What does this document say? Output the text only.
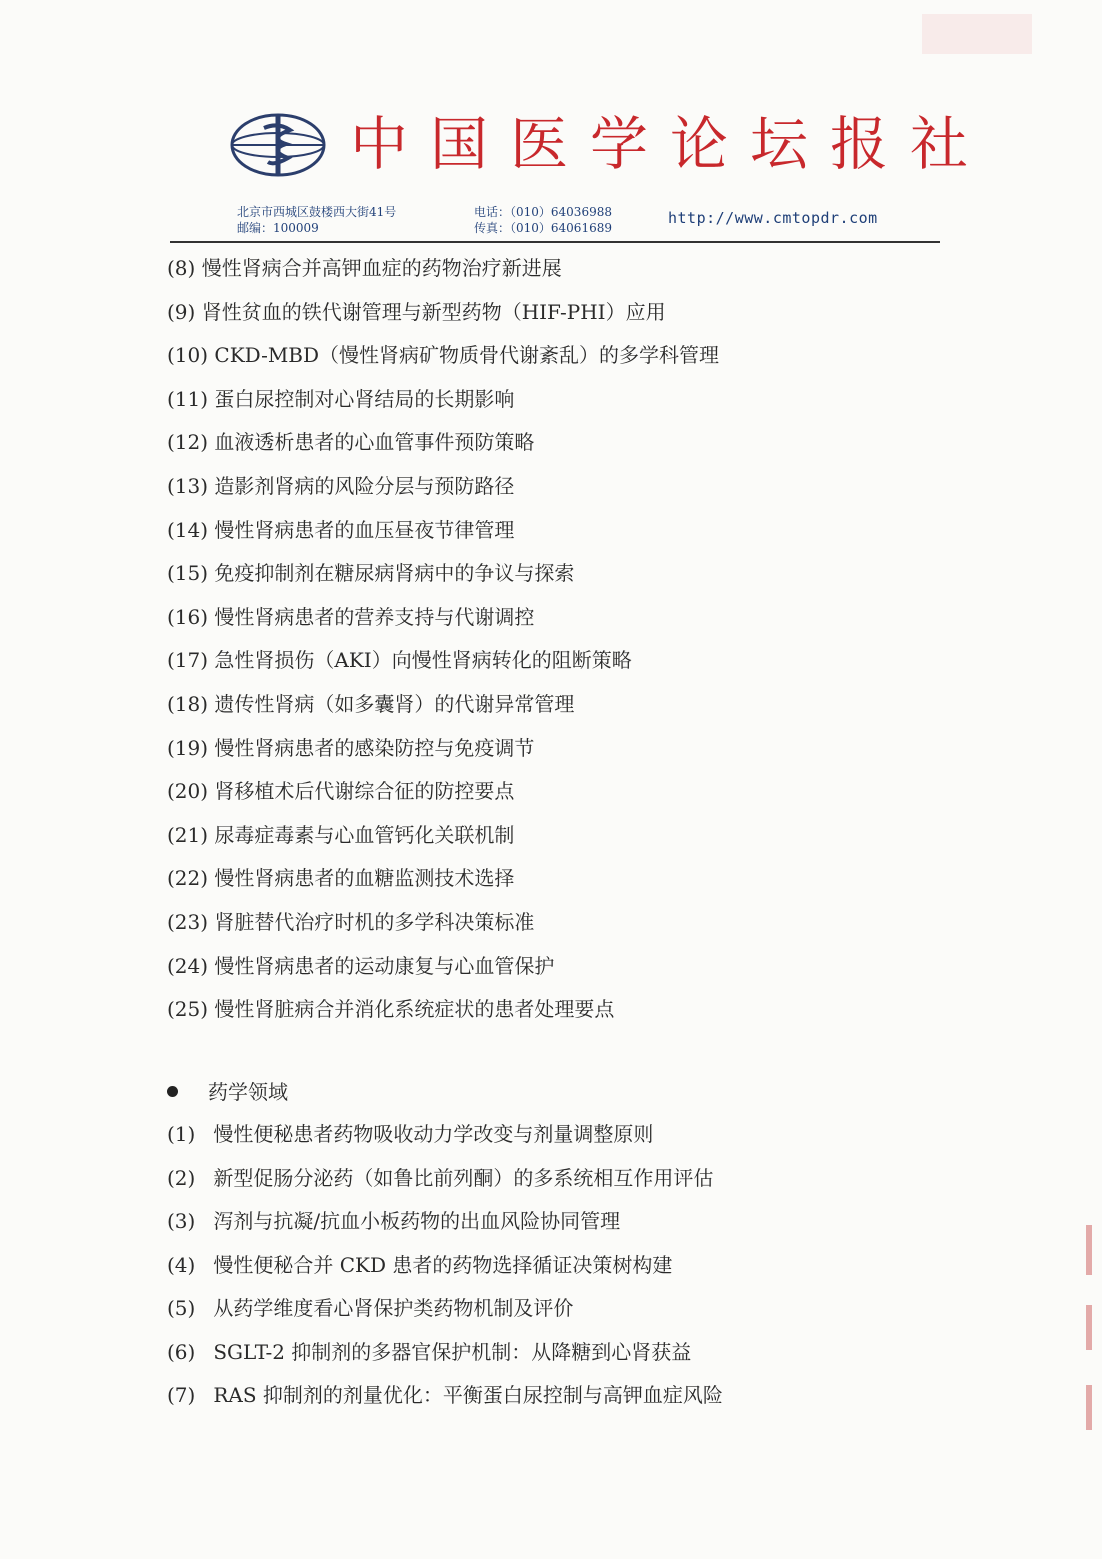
中国医学论坛报社
北京市西城区鼓楼西大街41号
邮编：100009
电话：（010）64036988
传真：（010）64061689
http://www.cmtopdr.com
(8) 慢性肾病合并高钾血症的药物治疗新进展
(9) 肾性贫血的铁代谢管理与新型药物（HIF-PHI）应用
(10) CKD-MBD（慢性肾病矿物质骨代谢紊乱）的多学科管理
(11) 蛋白尿控制对心肾结局的长期影响
(12) 血液透析患者的心血管事件预防策略
(13) 造影剂肾病的风险分层与预防路径
(14) 慢性肾病患者的血压昼夜节律管理
(15) 免疫抑制剂在糖尿病肾病中的争议与探索
(16) 慢性肾病患者的营养支持与代谢调控
(17) 急性肾损伤（AKI）向慢性肾病转化的阻断策略
(18) 遗传性肾病（如多囊肾）的代谢异常管理
(19) 慢性肾病患者的感染防控与免疫调节
(20) 肾移植术后代谢综合征的防控要点
(21) 尿毒症毒素与心血管钙化关联机制
(22) 慢性肾病患者的血糖监测技术选择
(23) 肾脏替代治疗时机的多学科决策标准
(24) 慢性肾病患者的运动康复与心血管保护
(25) 慢性肾脏病合并消化系统症状的患者处理要点
药学领域
(1) 慢性便秘患者药物吸收动力学改变与剂量调整原则
(2) 新型促肠分泌药（如鲁比前列酮）的多系统相互作用评估
(3) 泻剂与抗凝/抗血小板药物的出血风险协同管理
(4) 慢性便秘合并 CKD 患者的药物选择循证决策树构建
(5) 从药学维度看心肾保护类药物机制及评价
(6) SGLT-2 抑制剂的多器官保护机制：从降糖到心肾获益
(7) RAS 抑制剂的剂量优化：平衡蛋白尿控制与高钾血症风险
